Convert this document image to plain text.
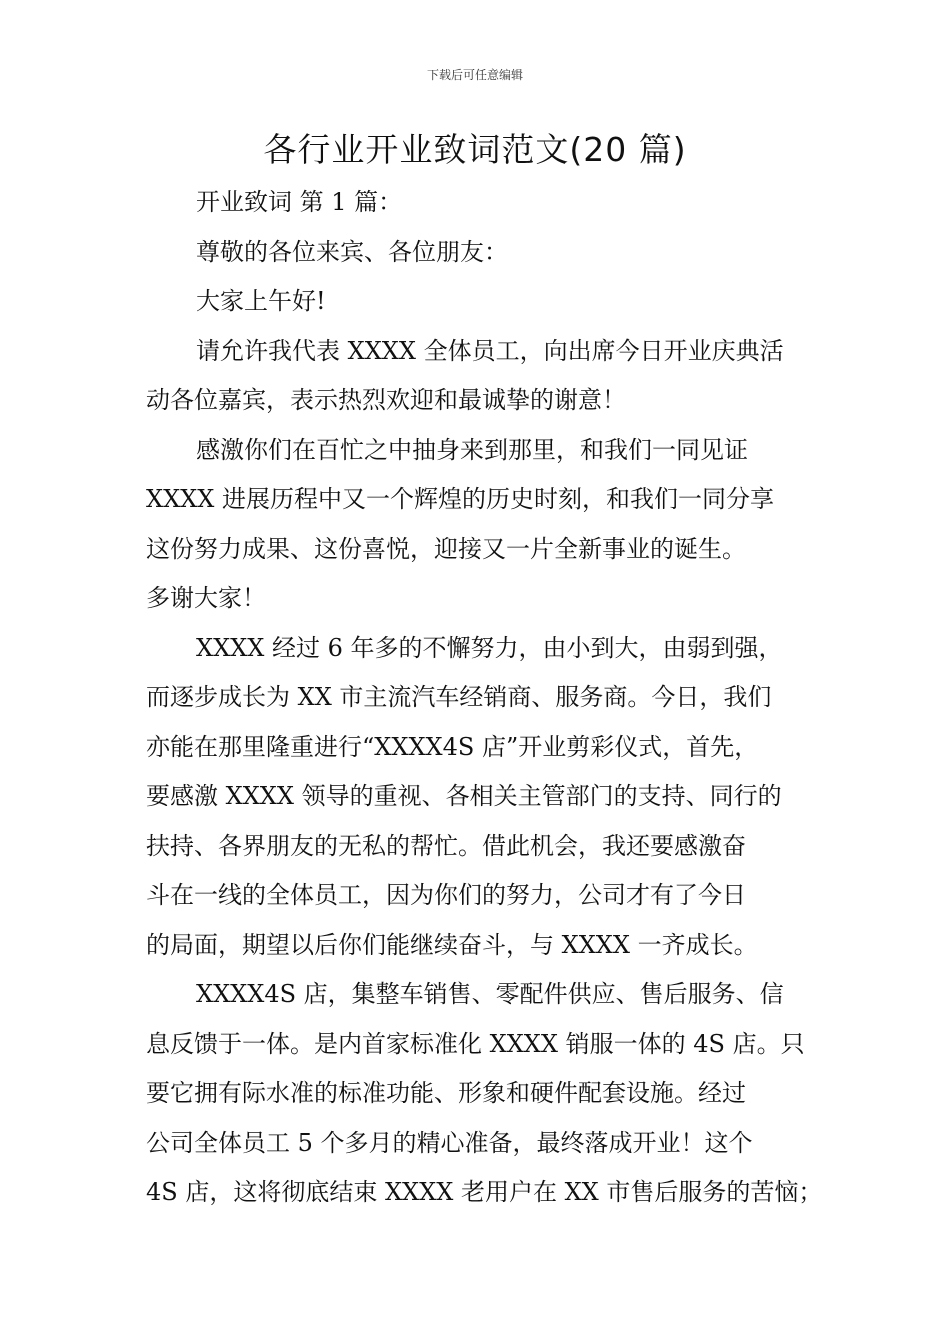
下载后可任意编辑
各行业开业致词范文(20 篇)
开业致词 第 1 篇：
尊敬的各位来宾、各位朋友：
大家上午好!
请允许我代表 XXXX 全体员工，向出席今日开业庆典活
动各位嘉宾，表示热烈欢迎和最诚挚的谢意！
感激你们在百忙之中抽身来到那里，和我们一同见证
XXXX 进展历程中又一个辉煌的历史时刻，和我们一同分享
这份努力成果、这份喜悦，迎接又一片全新事业的诞生。
多谢大家！
XXXX 经过 6 年多的不懈努力，由小到大，由弱到强，
而逐步成长为 XX 市主流汽车经销商、服务商。今日，我们
亦能在那里隆重进行“XXXX4S 店”开业剪彩仪式，首先，
要感激 XXXX 领导的重视、各相关主管部门的支持、同行的
扶持、各界朋友的无私的帮忙。借此机会，我还要感激奋
斗在一线的全体员工，因为你们的努力，公司才有了今日
的局面，期望以后你们能继续奋斗，与 XXXX 一齐成长。
XXXX4S 店，集整车销售、零配件供应、售后服务、信
息反馈于一体。是内首家标准化 XXXX 销服一体的 4S 店。只
要它拥有际水准的标准功能、形象和硬件配套设施。经过
公司全体员工 5 个多月的精心准备，最终落成开业！这个
4S 店，这将彻底结束 XXXX 老用户在 XX 市售后服务的苦恼；
